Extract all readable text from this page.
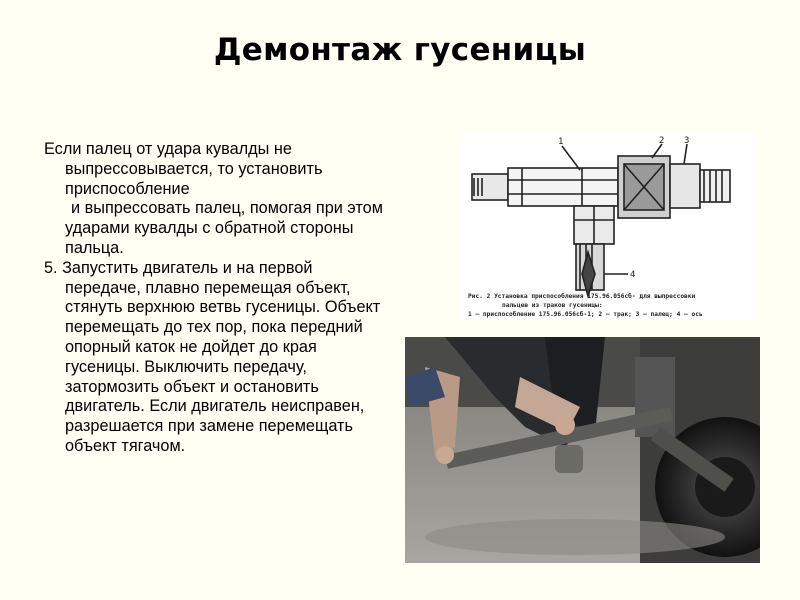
Демонтаж гусеницы

Если палец от удара кувалды не выпрессовывается, то установить приспособление

и выпрессовать палец, помогая при этом ударами кувалды с обратной стороны пальца.

5. Запустить двигатель и на первой передаче, плавно перемещая объект, стянуть верхнюю ветвь гусеницы. Объект перемещать до тех пор, пока передний опорный каток не дойдет до края гусеницы. Выключить передачу, затормозить объект и остановить двигатель. Если двигатель неисправен, разрешается при замене перемещать объект тягачом.

1	2 3
4
Рис. 2 Установка приспособления 175.96.056сб- для выпрессовки
пальцев из траков гусеницы:
1 — приспособление 175.96.056сб-1; 2 — трак; 3 — палец; 4 — ось
